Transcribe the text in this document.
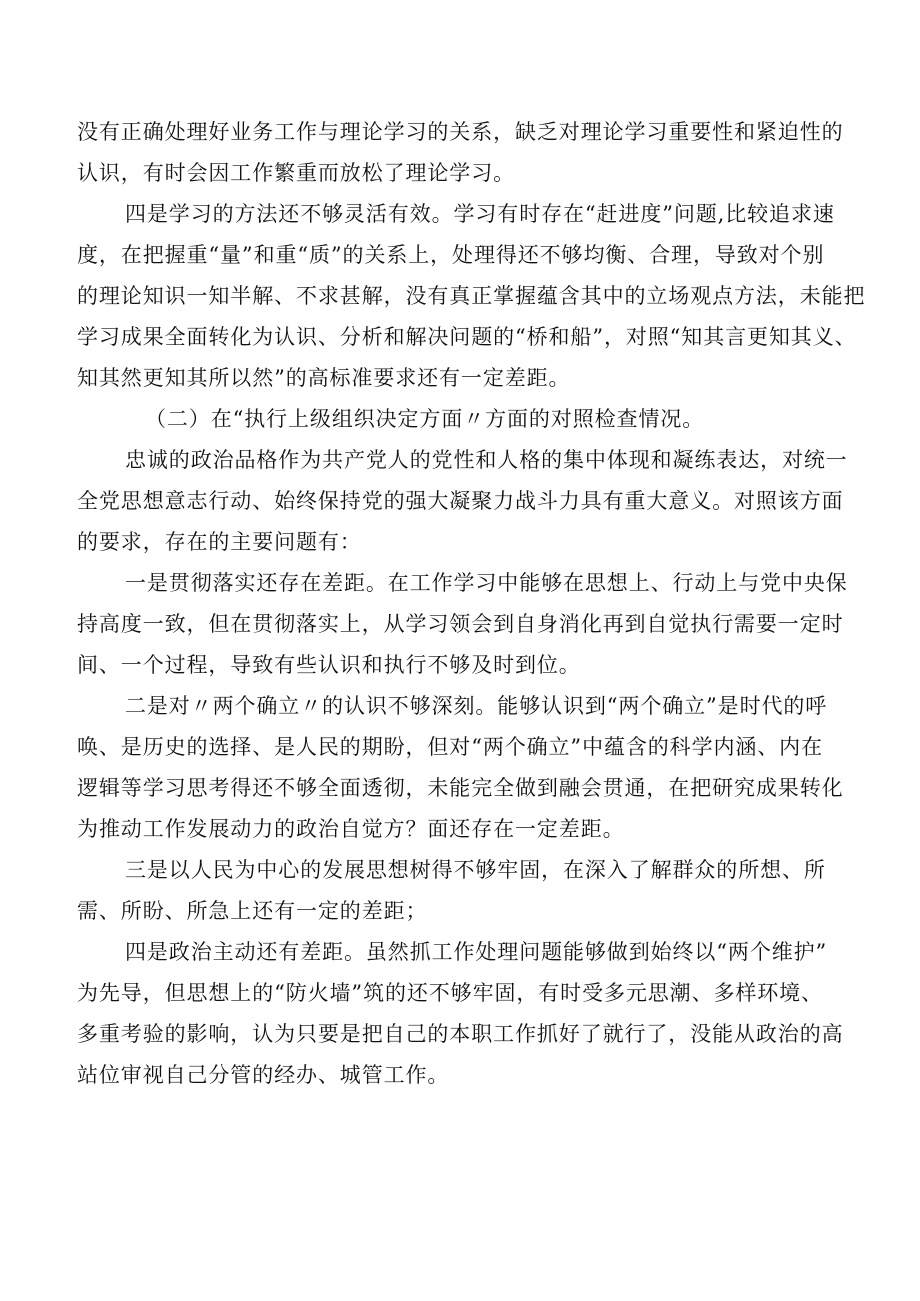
没有正确处理好业务工作与理论学习的关系，缺乏对理论学习重要性和紧迫性的
认识，有时会因工作繁重而放松了理论学习。
四是学习的方法还不够灵活有效。学习有时存在“赶进度”问题,比较追求速
度，在把握重“量”和重“质”的关系上，处理得还不够均衡、合理，导致对个别
的理论知识一知半解、不求甚解，没有真正掌握蕴含其中的立场观点方法，未能把
学习成果全面转化为认识、分析和解决问题的“桥和船”，对照“知其言更知其义、
知其然更知其所以然”的高标准要求还有一定差距。
（二）在“执行上级组织决定方面〃方面的对照检查情况。
忠诚的政治品格作为共产党人的党性和人格的集中体现和凝练表达，对统一
全党思想意志行动、始终保持党的强大凝聚力战斗力具有重大意义。对照该方面
的要求，存在的主要问题有：
一是贯彻落实还存在差距。在工作学习中能够在思想上、行动上与党中央保
持高度一致，但在贯彻落实上，从学习领会到自身消化再到自觉执行需要一定时
间、一个过程，导致有些认识和执行不够及时到位。
二是对〃两个确立〃的认识不够深刻。能够认识到“两个确立”是时代的呼
唤、是历史的选择、是人民的期盼，但对“两个确立”中蕴含的科学内涵、内在
逻辑等学习思考得还不够全面透彻，未能完全做到融会贯通，在把研究成果转化
为推动工作发展动力的政治自觉方？面还存在一定差距。
三是以人民为中心的发展思想树得不够牢固，在深入了解群众的所想、所
需、所盼、所急上还有一定的差距；
四是政治主动还有差距。虽然抓工作处理问题能够做到始终以“两个维护”
为先导，但思想上的“防火墙”筑的还不够牢固，有时受多元思潮、多样环境、
多重考验的影响，认为只要是把自己的本职工作抓好了就行了，没能从政治的高
站位审视自己分管的经办、城管工作。
